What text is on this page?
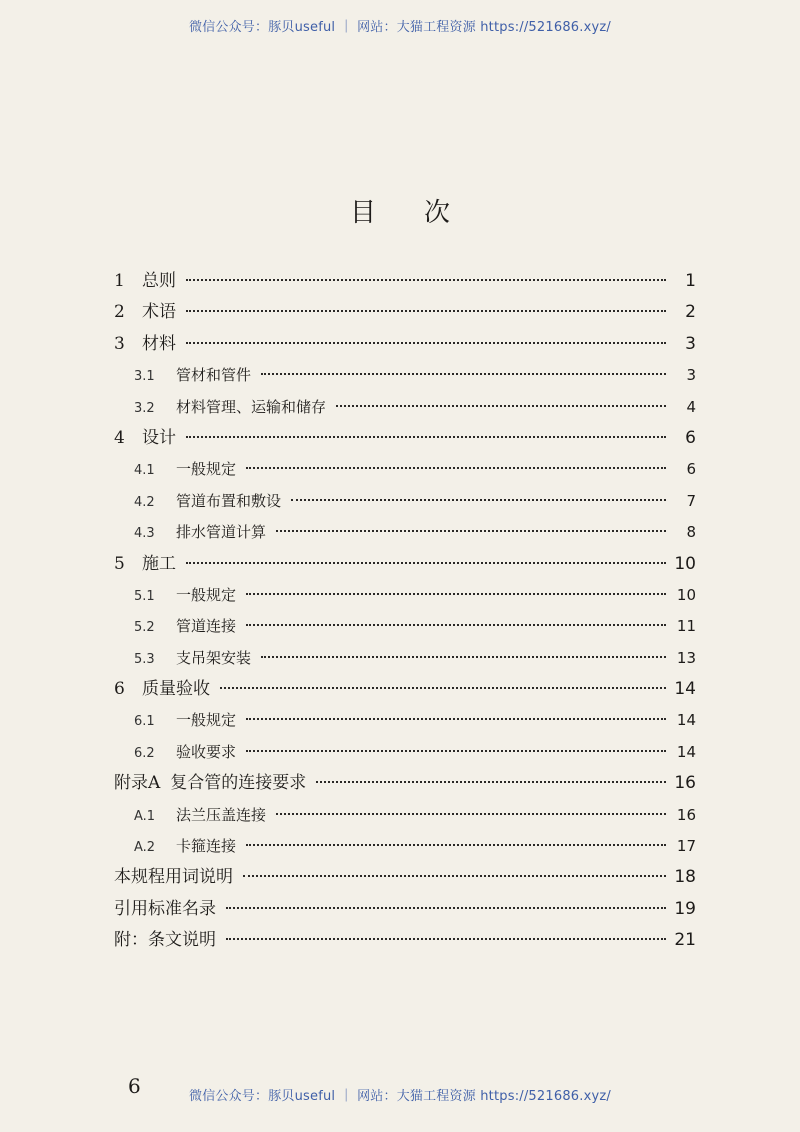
微信公众号：豚贝useful ｜ 网站：大猫工程资源 https://521686.xyz/
目次
1	总则	1
2	术语	2
3	材料	3
3.1	管材和管件	3
3.2	材料管理、运输和储存	4
4	设计	6
4.1	一般规定	6
4.2	管道布置和敷设	7
4.3	排水管道计算	8
5	施工	10
5.1	一般规定	10
5.2	管道连接	11
5.3	支吊架安装	13
6	质量验收	14
6.1	一般规定	14
6.2	验收要求	14
附录A 复合管的连接要求	16
A.1	法兰压盖连接	16
A.2	卡箍连接	17
本规程用词说明	18
引用标准名录	19
附：条文说明	21
6	微信公众号：豚贝useful ｜ 网站：大猫工程资源 https://521686.xyz/
